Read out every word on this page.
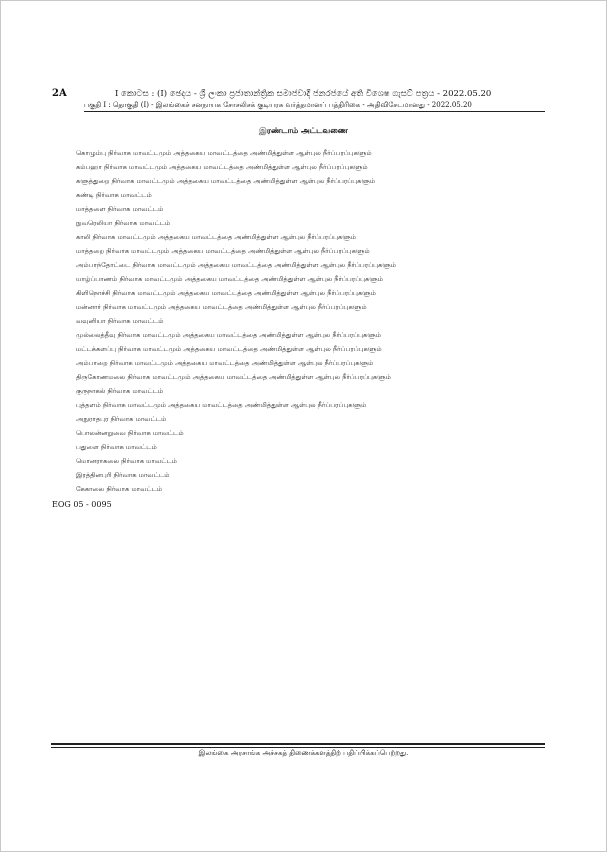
2A	I කොටස : (I) ඡෙදය - ශ්‍රී ලංකා ප්‍රජාතාන්ත්‍රික සමාජවාදී ජනරජයේ අති විශෙෂ ගැසට් පත්‍රය - 2022.05.20
பகுதி I : தொகுதி (I) - இலங்கைச் சனநாயக சோசலிசக் குடியரசு வர்த்தமானப் பத்திரிகை - அதிவிசேடமானது - 2022.05.20
இரண்டாம் அட்டவணை
கொழும்பு நிர்வாக மாவட்டமும் அத்தகைய மாவட்டத்தை அண்மித்துள்ள ஆள்புல நீர்ப்பரப்புகளும்
கம்பஹா நிர்வாக மாவட்டமும் அத்தகைய மாவட்டத்தை அண்மித்துள்ள ஆள்புல நீர்ப்பரப்புகளும்
களுத்துறை நிர்வாக மாவட்டமும் அத்தகைய மாவட்டத்தை அண்மித்துள்ள ஆள்புல நீர்ப்பரப்புகளும்
கண்டி நிர்வாக மாவட்டம்
மாத்தளை நிர்வாக மாவட்டம்
நுவரெலியா நிர்வாக மாவட்டம்
காலி நிர்வாக மாவட்டமும் அத்தகைய மாவட்டத்தை அண்மித்துள்ள ஆள்புல நீர்ப்பரப்புகளும்
மாத்தறை நிர்வாக மாவட்டமும் அத்தகைய மாவட்டத்தை அண்மித்துள்ள ஆள்புல நீர்ப்பரப்புகளும்
அம்பாந்தோட்டை நிர்வாக மாவட்டமும் அத்தகைய மாவட்டத்தை அண்மித்துள்ள ஆள்புல நீர்ப்பரப்புகளும்
யாழ்ப்பாணம் நிர்வாக மாவட்டமும் அத்தகைய மாவட்டத்தை அண்மித்துள்ள ஆள்புல நீர்ப்பரப்புகளும்
கிளிநொச்சி நிர்வாக மாவட்டமும் அத்தகைய மாவட்டத்தை அண்மித்துள்ள ஆள்புல நீர்ப்பரப்புகளும்
மன்னார் நிர்வாக மாவட்டமும் அத்தகைய மாவட்டத்தை அண்மித்துள்ள ஆள்புல நீர்ப்பரப்புகளும்
வவுனியா நிர்வாக மாவட்டம்
முல்லைத்தீவு நிர்வாக மாவட்டமும் அத்தகைய மாவட்டத்தை அண்மித்துள்ள ஆள்புல நீர்ப்பரப்புகளும்
மட்டக்களப்பு நிர்வாக மாவட்டமும் அத்தகைய மாவட்டத்தை அண்மித்துள்ள ஆள்புல நீர்ப்பரப்புகளும்
அம்பாறை நிர்வாக மாவட்டமும் அத்தகைய மாவட்டத்தை அண்மித்துள்ள ஆள்புல நீர்ப்பரப்புகளும்
திருகோணமலை நிர்வாக மாவட்டமும் அத்தகைய மாவட்டத்தை அண்மித்துள்ள ஆள்புல நீர்ப்பரப்புகளும்
குருநாகல் நிர்வாக மாவட்டம்
புத்தளம் நிர்வாக மாவட்டமும் அத்தகைய மாவட்டத்தை அண்மித்துள்ள ஆள்புல நீர்ப்பரப்புகளும்
அநுராதபுர நிர்வாக மாவட்டம்
பொலன்னறுவை நிர்வாக மாவட்டம்
பதுளை நிர்வாக மாவட்டம்
மொனராகலை நிர்வாக மாவட்டம்
இரத்தினபுரி நிர்வாக மாவட்டம்
கேகாலை நிர்வாக மாவட்டம்
EOG 05 - 0095
இலங்கை அரசாங்க அச்சகத் திணைக்களத்திற் பதிப்பிக்கப்பெற்றது.
